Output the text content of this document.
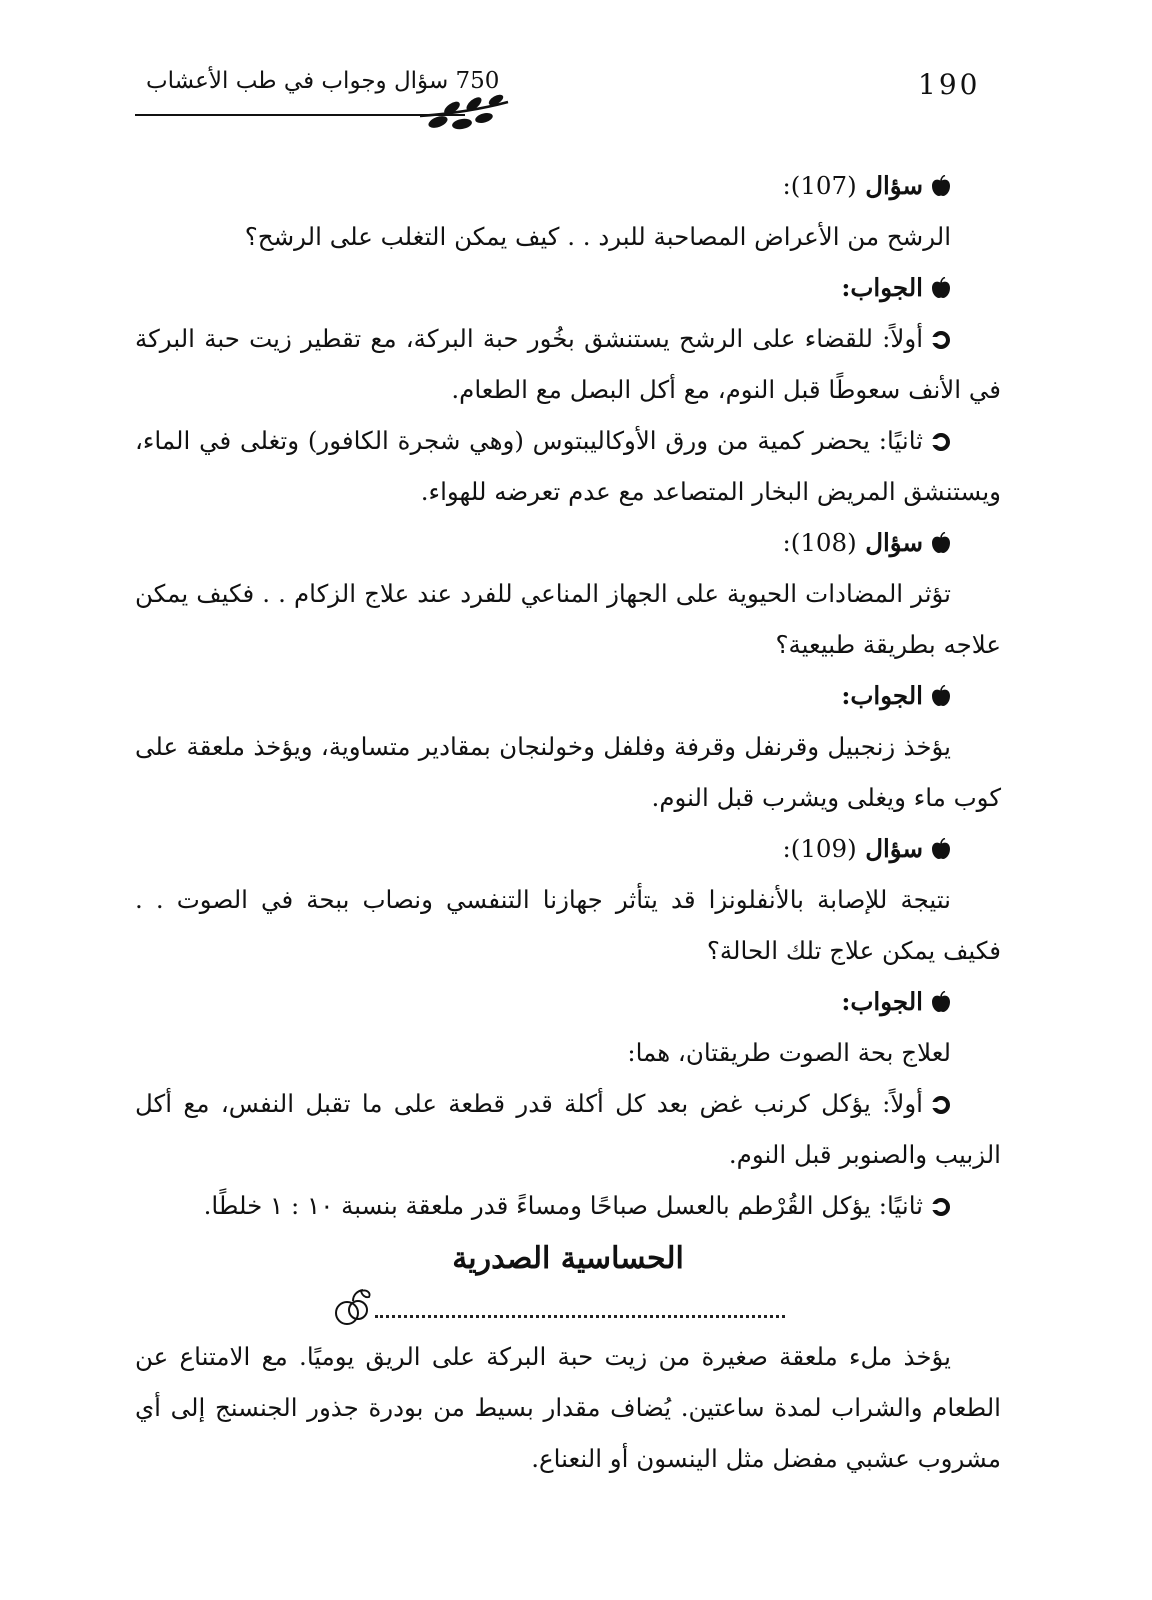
190
750 سؤال وجواب في طب الأعشاب

سؤال (107):

الرشح من الأعراض المصاحبة للبرد . . كيف يمكن التغلب على الرشح؟

الجواب:

أولاً: للقضاء على الرشح يستنشق بخُور حبة البركة، مع تقطير زيت حبة البركة في الأنف سعوطًا قبل النوم، مع أكل البصل مع الطعام.

ثانيًا: يحضر كمية من ورق الأوكاليبتوس (وهي شجرة الكافور) وتغلى في الماء، ويستنشق المريض البخار المتصاعد مع عدم تعرضه للهواء.

سؤال (108):

تؤثر المضادات الحيوية على الجهاز المناعي للفرد عند علاج الزكام . . فكيف يمكن علاجه بطريقة طبيعية؟

الجواب:

يؤخذ زنجبيل وقرنفل وقرفة وفلفل وخولنجان بمقادير متساوية، ويؤخذ ملعقة على كوب ماء ويغلى ويشرب قبل النوم.

سؤال (109):

نتيجة للإصابة بالأنفلونزا قد يتأثر جهازنا التنفسي ونصاب ببحة في الصوت . . فكيف يمكن علاج تلك الحالة؟

الجواب:

لعلاج بحة الصوت طريقتان، هما:

أولاً: يؤكل كرنب غض بعد كل أكلة قدر قطعة على ما تقبل النفس، مع أكل الزبيب والصنوبر قبل النوم.

ثانيًا: يؤكل القُرْطم بالعسل صباحًا ومساءً قدر ملعقة بنسبة ١٠ : ١ خلطًا.

الحساسية الصدرية

يؤخذ ملء ملعقة صغيرة من زيت حبة البركة على الريق يوميًا. مع الامتناع عن الطعام والشراب لمدة ساعتين. يُضاف مقدار بسيط من بودرة جذور الجنسنج إلى أي مشروب عشبي مفضل مثل الينسون أو النعناع.
